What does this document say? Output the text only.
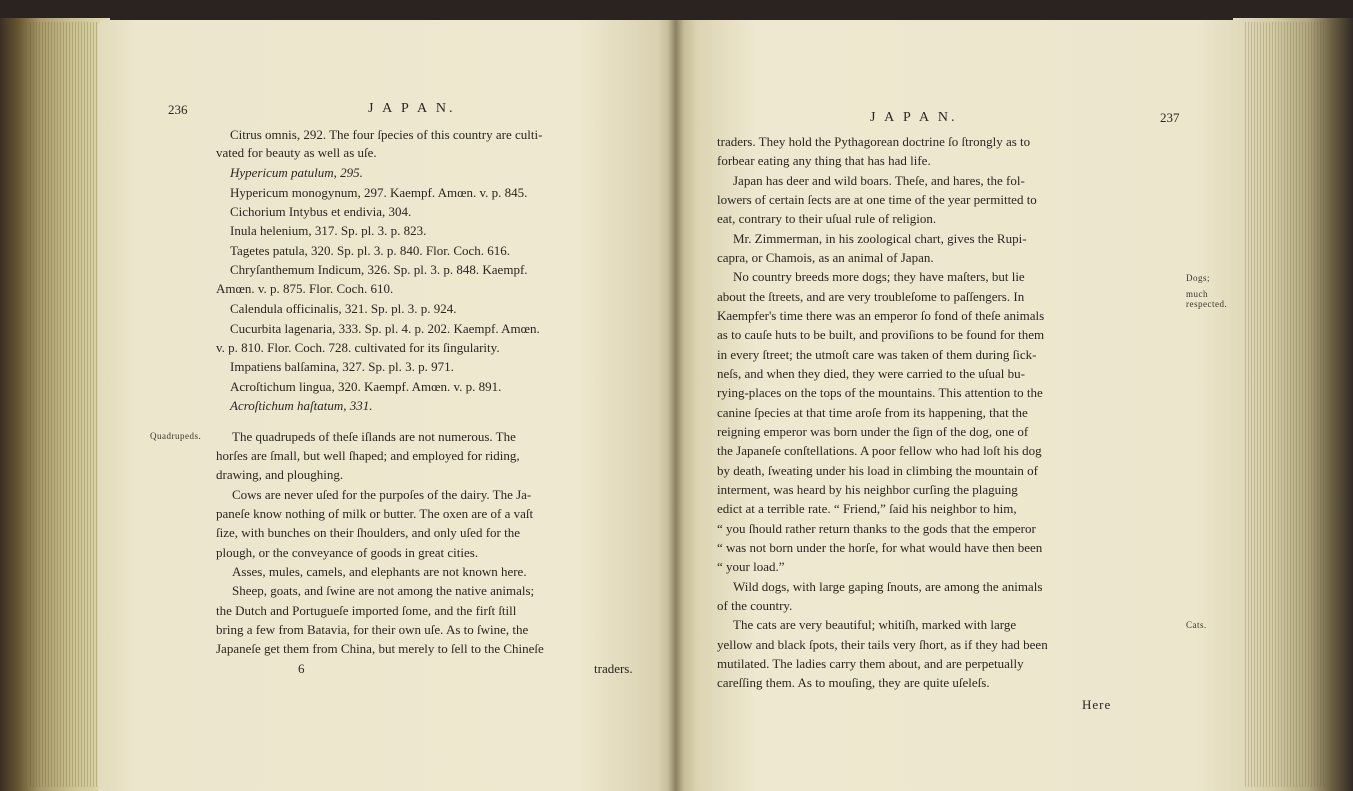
236	J A P A N.
Citrus omnis, 292. The four ſpecies of this country are culti-
vated for beauty as well as uſe.
Hypericum patulum, 295.
Hypericum monogynum, 297. Kaempf. Amœn. v. p. 845.
Cichorium Intybus et endivia, 304.
Inula helenium, 317. Sp. pl. 3. p. 823.
Tagetes patula, 320. Sp. pl. 3. p. 840. Flor. Coch. 616.
Chryſanthemum Indicum, 326. Sp. pl. 3. p. 848. Kaempf.
Amœn. v. p. 875. Flor. Coch. 610.
Calendula officinalis, 321. Sp. pl. 3. p. 924.
Cucurbita lagenaria, 333. Sp. pl. 4. p. 202. Kaempf. Amœn.
v. p. 810. Flor. Coch. 728. cultivated for its ſingularity.
Impatiens balſamina, 327. Sp. pl. 3. p. 971.
Acroſtichum lingua, 320. Kaempf. Amœn. v. p. 891.
Acroſtichum haſtatum, 331.
Quadrupeds. The quadrupeds of theſe iſlands are not numerous. The
horſes are ſmall, but well ſhaped; and employed for riding,
drawing, and ploughing.
Cows are never uſed for the purpoſes of the dairy. The Ja-
paneſe know nothing of milk or butter. The oxen are of a vaſt
ſize, with bunches on their ſhoulders, and only uſed for the
plough, or the conveyance of goods in great cities.
Asses, mules, camels, and elephants are not known here.
Sheep, goats, and ſwine are not among the native animals;
the Dutch and Portugueſe imported ſome, and the firſt ſtill
bring a few from Batavia, for their own uſe. As to ſwine, the
Japaneſe get them from China, but merely to ſell to the Chineſe
6	traders.
J A P A N.	237
traders. They hold the Pythagorean doctrine ſo ſtrongly as to
forbear eating any thing that has had life.
Japan has deer and wild boars. Theſe, and hares, the fol-
lowers of certain ſects are at one time of the year permitted to
eat, contrary to their uſual rule of religion.
Mr. Zimmerman, in his zoological chart, gives the Rupi-
capra, or Chamois, as an animal of Japan.
No country breeds more dogs; they have maſters, but lie
about the ſtreets, and are very troubleſome to paſſengers. In
Kaempfer's time there was an emperor ſo fond of theſe animals
as to cauſe huts to be built, and proviſions to be found for them
in every ſtreet; the utmoſt care was taken of them during ſick-
neſs, and when they died, they were carried to the uſual bu-
rying-places on the tops of the mountains. This attention to the
canine ſpecies at that time aroſe from its happening, that the
reigning emperor was born under the ſign of the dog, one of
the Japaneſe conſtellations. A poor fellow who had loſt his dog
by death, ſweating under his load in climbing the mountain of
interment, was heard by his neighbor curſing the plaguing
edict at a terrible rate. “ Friend,” ſaid his neighbor to him,
“ you ſhould rather return thanks to the gods that the emperor
“ was not born under the horſe, for what would have then been
“ your load.”
Wild dogs, with large gaping ſnouts, are among the animals
of the country.
The cats are very beautiful; whitiſh, marked with large
yellow and black ſpots, their tails very ſhort, as if they had been
mutilated. The ladies carry them about, and are perpetually
careſſing them. As to mouſing, they are quite uſeleſs.
Here
Dogs;
much
respected.
Cats.
